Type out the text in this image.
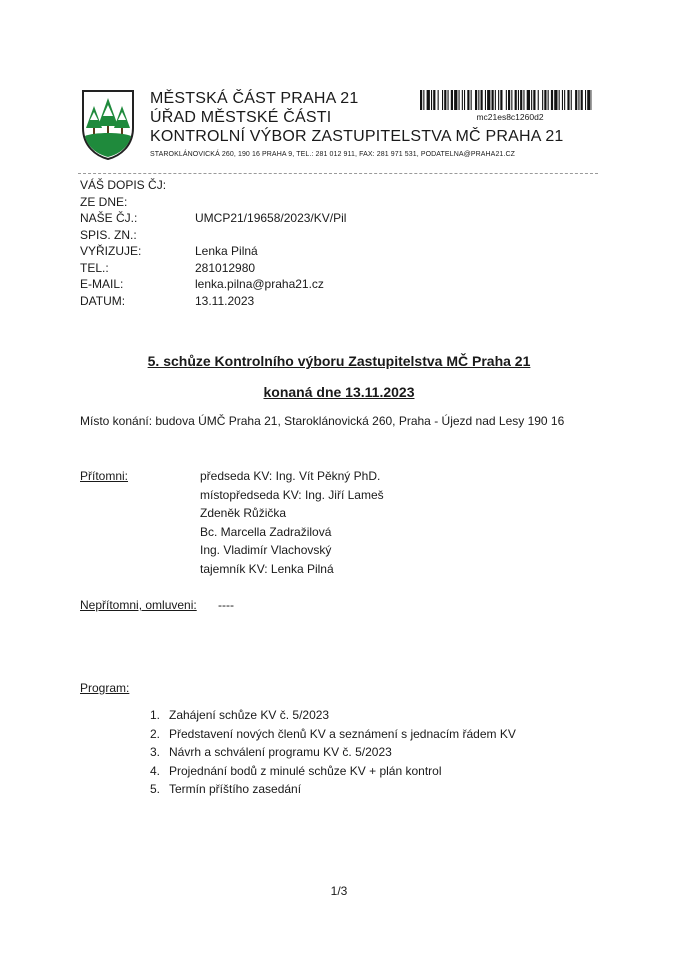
MĚSTSKÁ ČÁST PRAHA 21
ÚŘAD MĚSTSKÉ ČÁSTI
KONTROLNÍ VÝBOR ZASTUPITELSTVA MČ PRAHA 21
STAROKLÁNOVICKÁ 260, 190 16 PRAHA 9, TEL.: 281 012 911, FAX: 281 971 531, PODATELNA@PRAHA21.CZ
mc21es8c1260d2
VÁŠ DOPIS ČJ:
ZE DNE:
NAŠE ČJ.:	UMCP21/19658/2023/KV/Pil
SPIS. ZN.:
VYŘIZUJE:	Lenka Pilná
TEL.:	281012980
E-MAIL:	lenka.pilna@praha21.cz
DATUM:	13.11.2023
5. schůze Kontrolního výboru Zastupitelstva MČ Praha 21
konaná dne 13.11.2023
Místo konání: budova ÚMČ Praha 21, Staroklánovická 260, Praha - Újezd nad Lesy 190 16
Přítomni:	předseda KV: Ing. Vít Pěkný PhD.
místopředseda KV: Ing. Jiří Lameš
Zdeněk Růžička
Bc. Marcella Zadražilová
Ing. Vladimír Vlachovský
tajemník KV: Lenka Pilná
Nepřítomni, omluveni: ----
Program:
1. Zahájení schůze KV č. 5/2023
2. Představení nových členů KV a seznámení s jednacím řádem KV
3. Návrh a schválení programu KV č. 5/2023
4. Projednání bodů z minulé schůze KV + plán kontrol
5. Termín příštího zasedání
1/3
